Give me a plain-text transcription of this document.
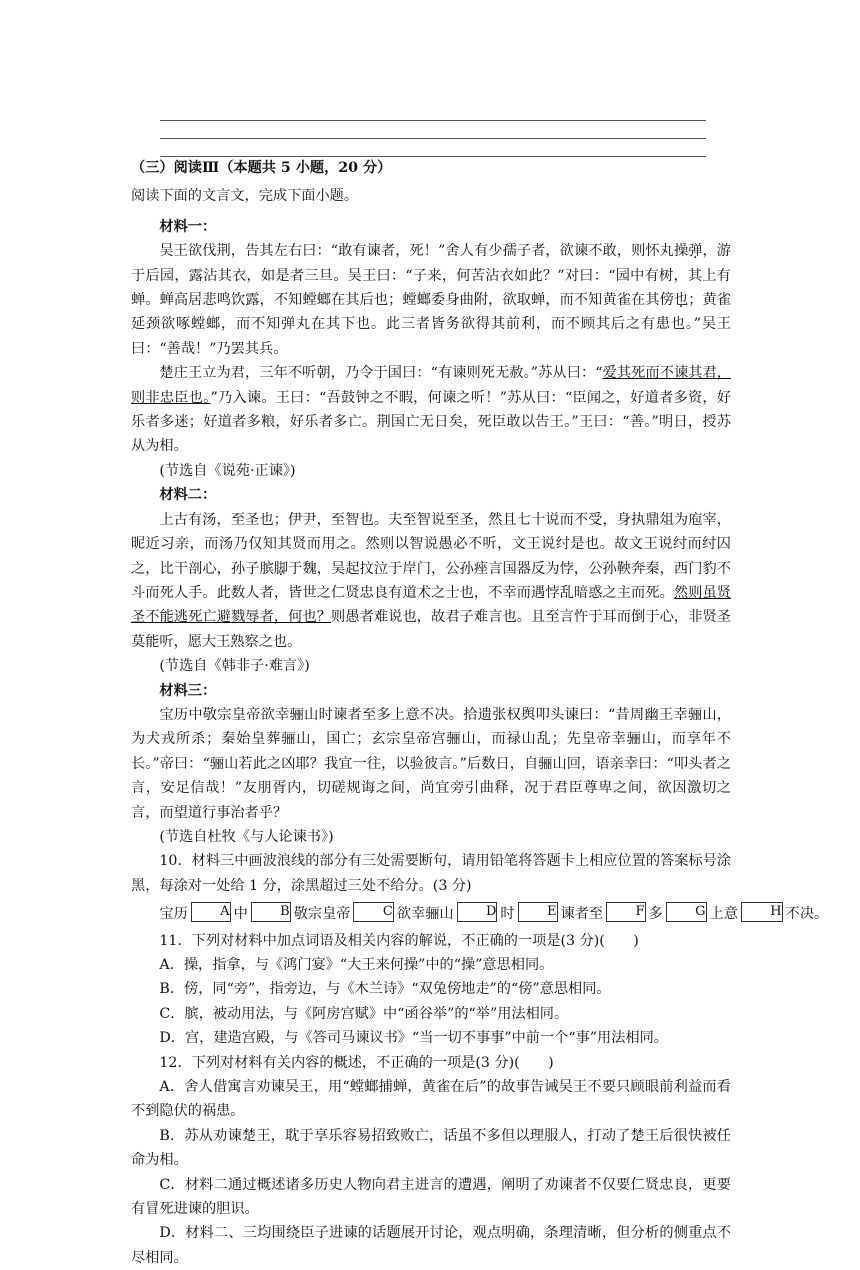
（三）阅读Ⅲ（本题共 5 小题，20 分）

阅读下面的文言文，完成下面小题。

材料一：

吴王欲伐荆，告其左右曰：“敢有谏者，死！”舍人有少孺子者，欲谏不敢，则怀丸操弹，游于后园，露沾其衣，如是者三旦。吴王曰：“子来，何苦沾衣如此？”对曰：“园中有树，其上有蝉。蝉高居悲鸣饮露，不知螳螂在其后也；螳螂委身曲附，欲取蝉，而不知黄雀在其傍也；黄雀延颈欲啄螳螂，而不知弹丸在其下也。此三者皆务欲得其前利，而不顾其后之有患也。”吴王曰：“善哉！”乃罢其兵。

楚庄王立为君，三年不听朝，乃令于国曰：“有谏则死无赦。”苏从曰：“爱其死而不谏其君，则非忠臣也。”乃入谏。王曰：“吾鼓钟之不暇，何谏之听！”苏从曰：“臣闻之，好道者多资，好乐者多迷；好道者多粮，好乐者多亡。荆国亡无日矣，死臣敢以告王。”王曰：“善。”明日，授苏从为相。

(节选自《说苑·正谏》)

材料二：

上古有汤，至圣也；伊尹，至智也。夫至智说至圣，然且七十说而不受，身执鼎俎为庖宰，昵近习亲，而汤乃仅知其贤而用之。然则以智说愚必不听，文王说纣是也。故文王说纣而纣囚之，比干剖心，孙子膑脚于魏，吴起抆泣于岸门，公孙痤言国器反为悖，公孙鞅奔秦，西门豹不斗而死人手。此数人者，皆世之仁贤忠良有道术之士也，不幸而遇悖乱暗惑之主而死。然则虽贤圣不能逃死亡避戮辱者，何也？则愚者难说也，故君子难言也。且至言忤于耳而倒于心，非贤圣莫能听，愿大王熟察之也。

(节选自《韩非子·难言》)

材料三：

宝历中敬宗皇帝欲幸骊山时谏者至多上意不决。拾遗张权舆叩头谏曰：“昔周幽王幸骊山，为犬戎所杀；秦始皇葬骊山，国亡；玄宗皇帝宫骊山，而禄山乱；先皇帝幸骊山，而享年不长。”帝曰：“骊山若此之凶耶？我宜一往，以验彼言。”后数日，自骊山回，语亲幸曰：“叩头者之言，安足信哉！”友朋胥内，切磋规诲之间，尚宜旁引曲释，况于君臣尊卑之间，欲因激切之言，而望道行事治者乎？

(节选自杜牧《与人论谏书》)

10．材料三中画波浪线的部分有三处需要断句，请用铅笔将答题卡上相应位置的答案标号涂黑，每涂对一处给 1 分，涂黑超过三处不给分。(3 分)

宝历 A 中 B 敬宗皇帝 C 欲幸骊山 D 时 E 谏者至 F 多 G 上意 H 不决。

11．下列对材料中加点词语及相关内容的解说，不正确的一项是(3 分)(　　)

A．操，指拿，与《鸿门宴》“大王来何操”中的“操”意思相同。

B．傍，同“旁”，指旁边，与《木兰诗》“双兔傍地走”的“傍”意思相同。

C．膑，被动用法，与《阿房宫赋》中“函谷举”的“举”用法相同。

D．宫，建造宫殿，与《答司马谏议书》“当一切不事事”中前一个“事”用法相同。

12．下列对材料有关内容的概述，不正确的一项是(3 分)(　　)

A．舍人借寓言劝谏吴王，用“螳螂捕蝉，黄雀在后”的故事告诫吴王不要只顾眼前利益而看不到隐伏的祸患。

B．苏从劝谏楚王，耽于享乐容易招致败亡，话虽不多但以理服人，打动了楚王后很快被任命为相。

C．材料二通过概述诸多历史人物向君主进言的遭遇，阐明了劝谏者不仅要仁贤忠良，更要有冒死进谏的胆识。

D．材料二、三均围绕臣子进谏的话题展开讨论，观点明确，条理清晰，但分析的侧重点不尽相同。
